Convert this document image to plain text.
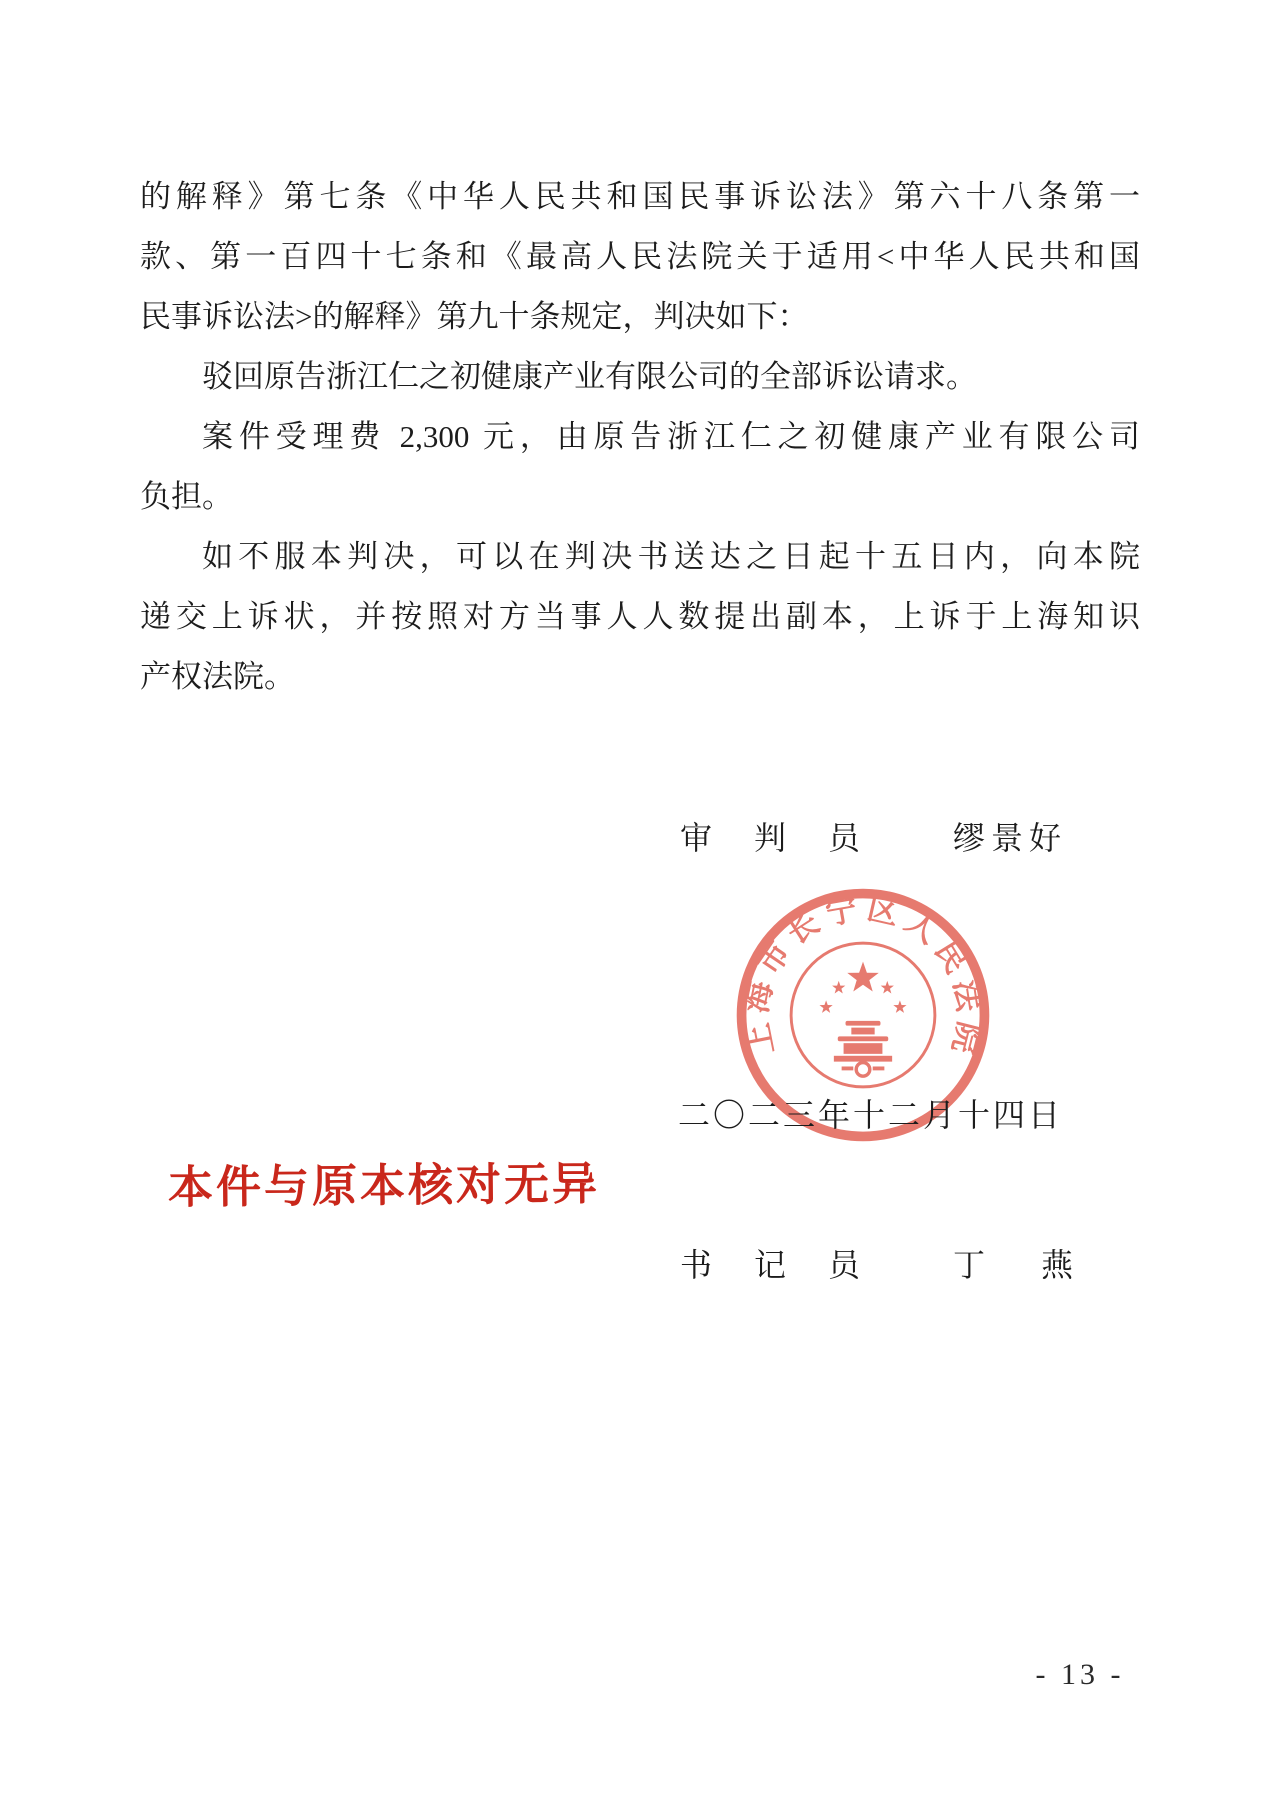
的解释》第七条《中华人民共和国民事诉讼法》第六十八条第一
款、第一百四十七条和《最高人民法院关于适用<中华人民共和国
民事诉讼法>的解释》第九十条规定，判决如下：
驳回原告浙江仁之初健康产业有限公司的全部诉讼请求。
案件受理费 2,300 元，由原告浙江仁之初健康产业有限公司
负担。
如不服本判决，可以在判决书送达之日起十五日内，向本院
递交上诉状，并按照对方当事人人数提出副本，上诉于上海知识
产权法院。
审　判　员	缪景好
上海市长宁区人民法院
二〇二三年十二月十四日
本件与原本核对无异
书　记　员	丁　燕
- 13 -
